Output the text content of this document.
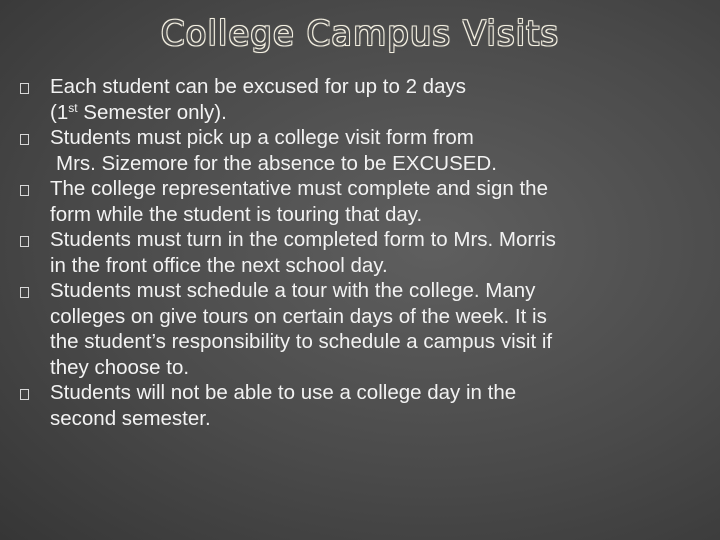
College Campus Visits
Each student can be excused for up to 2 days
(1st Semester only).
Students must pick up a college visit form from
Mrs. Sizemore for the absence to be EXCUSED.
The college representative must complete and sign the
form while the student is touring that day.
Students must turn in the completed form to Mrs. Morris
in the front office the next school day.
Students must schedule a tour with the college. Many
colleges on give tours on certain days of the week. It is
the student’s responsibility to schedule a campus visit if
they choose to.
Students will not be able to use a college day in the
second semester.
